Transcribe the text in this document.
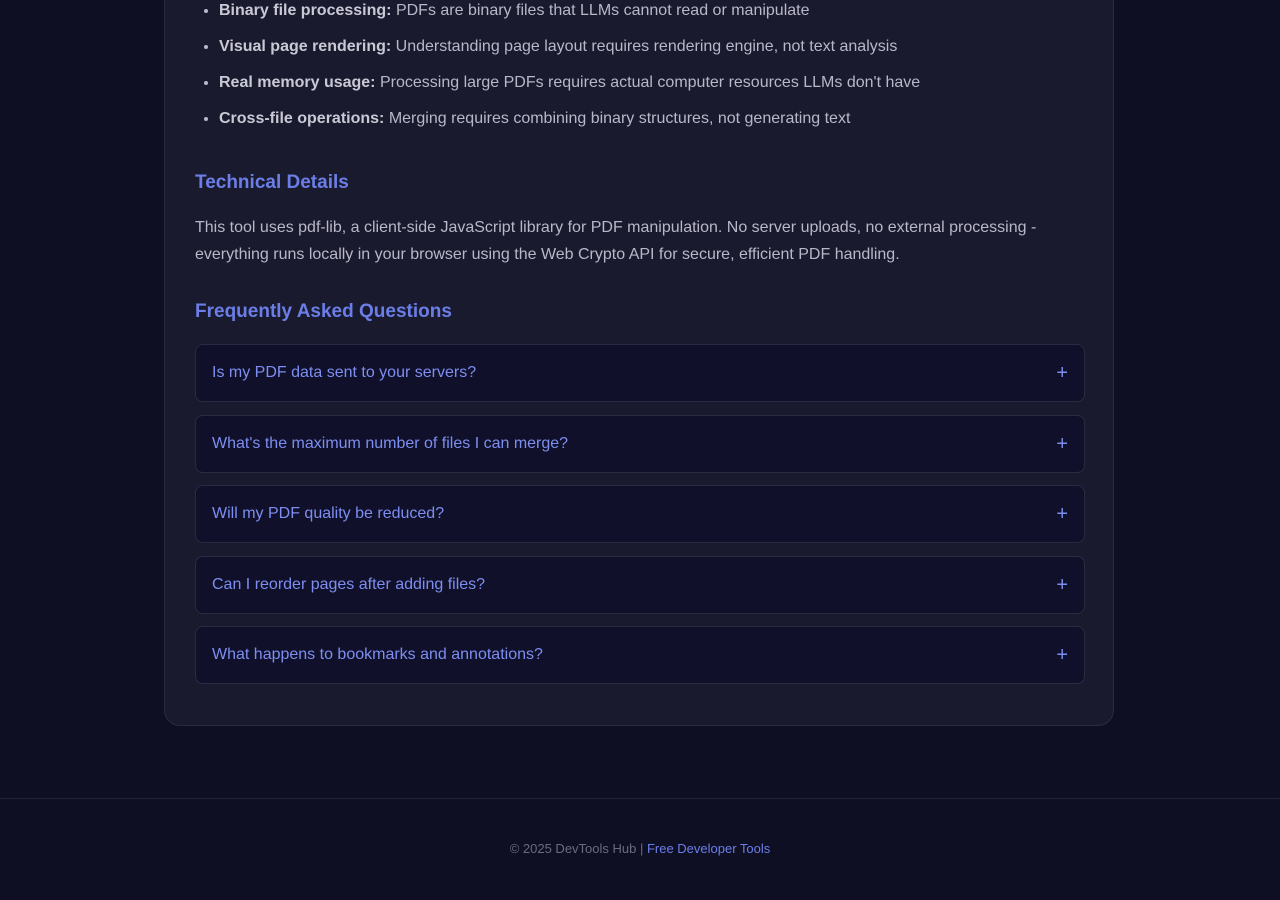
• Binary file processing: PDFs are binary files that LLMs cannot read or manipulate
• Visual page rendering: Understanding page layout requires rendering engine, not text analysis
• Real memory usage: Processing large PDFs requires actual computer resources LLMs don't have
• Cross-file operations: Merging requires combining binary structures, not generating text
Technical Details

This tool uses pdf-lib, a client-side JavaScript library for PDF manipulation. No server uploads, no external processing - everything runs locally in your browser using the Web Crypto API for secure, efficient PDF handling.

Frequently Asked Questions
Is my PDF data sent to your servers?	+
What's the maximum number of files I can merge?	+
Will my PDF quality be reduced?	+
Can I reorder pages after adding files?	+
What happens to bookmarks and annotations?	+
© 2025 DevTools Hub | Free Developer Tools
